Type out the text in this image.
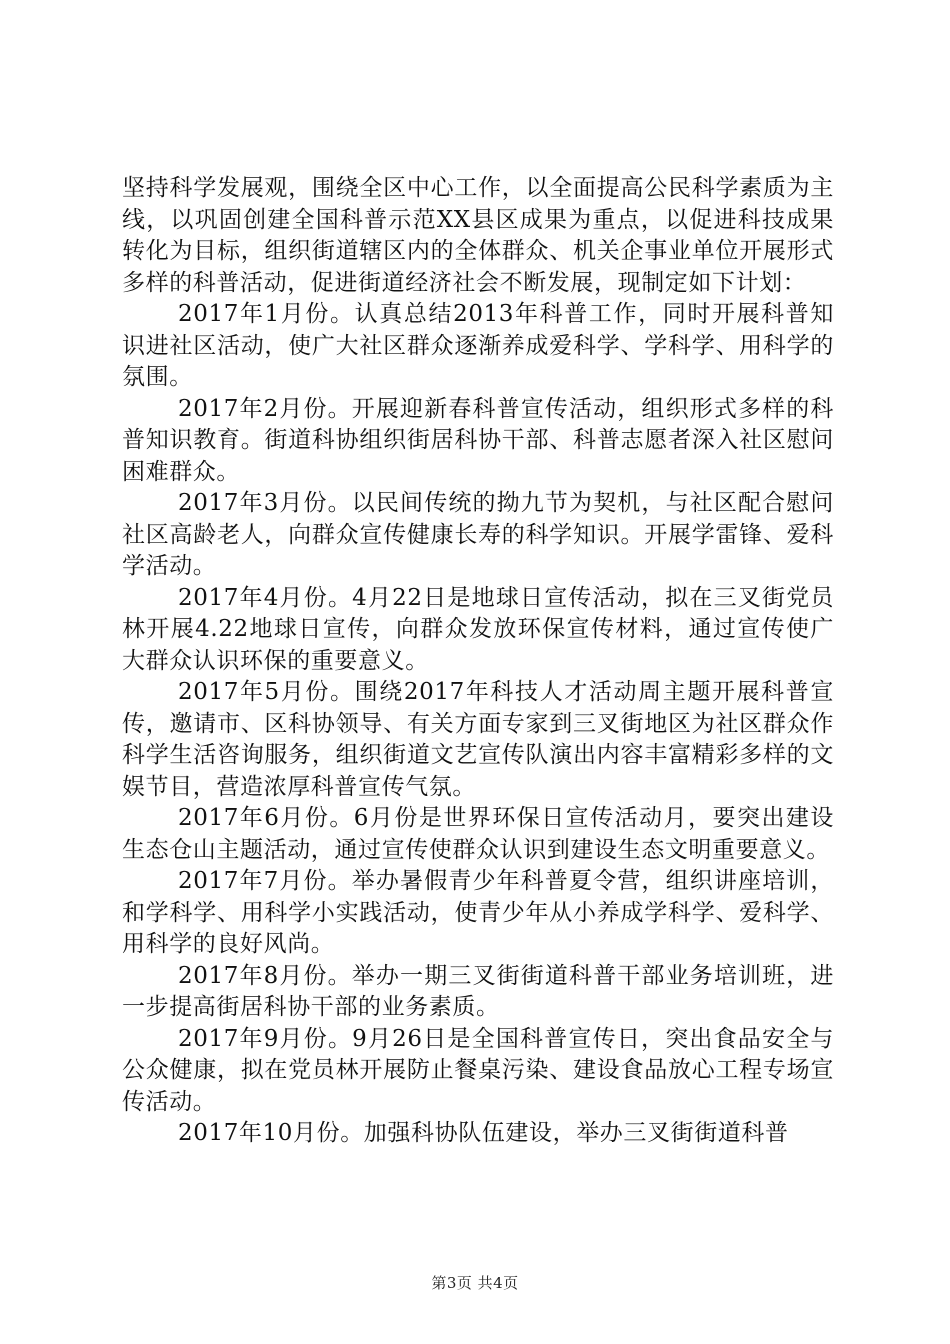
坚持科学发展观，围绕全区中心工作，以全面提高公民科学素质为主线，以巩固创建全国科普示范XX县区成果为重点，以促进科技成果转化为目标，组织街道辖区内的全体群众、机关企事业单位开展形式多样的科普活动，促进街道经济社会不断发展，现制定如下计划：

2017年1月份。认真总结2013年科普工作，同时开展科普知识进社区活动，使广大社区群众逐渐养成爱科学、学科学、用科学的氛围。

2017年2月份。开展迎新春科普宣传活动，组织形式多样的科普知识教育。街道科协组织街居科协干部、科普志愿者深入社区慰问困难群众。

2017年3月份。以民间传统的拗九节为契机，与社区配合慰问社区高龄老人，向群众宣传健康长寿的科学知识。开展学雷锋、爱科学活动。

2017年4月份。4月22日是地球日宣传活动，拟在三叉街党员林开展4.22地球日宣传，向群众发放环保宣传材料，通过宣传使广大群众认识环保的重要意义。

2017年5月份。围绕2017年科技人才活动周主题开展科普宣传，邀请市、区科协领导、有关方面专家到三叉街地区为社区群众作科学生活咨询服务，组织街道文艺宣传队演出内容丰富精彩多样的文娱节目，营造浓厚科普宣传气氛。

2017年6月份。6月份是世界环保日宣传活动月，要突出建设生态仓山主题活动，通过宣传使群众认识到建设生态文明重要意义。

2017年7月份。举办暑假青少年科普夏令营，组织讲座培训，和学科学、用科学小实践活动，使青少年从小养成学科学、爱科学、用科学的良好风尚。

2017年8月份。举办一期三叉街街道科普干部业务培训班，进一步提高街居科协干部的业务素质。

2017年9月份。9月26日是全国科普宣传日，突出食品安全与公众健康，拟在党员林开展防止餐桌污染、建设食品放心工程专场宣传活动。

2017年10月份。加强科协队伍建设，举办三叉街街道科普

第3页 共4页
